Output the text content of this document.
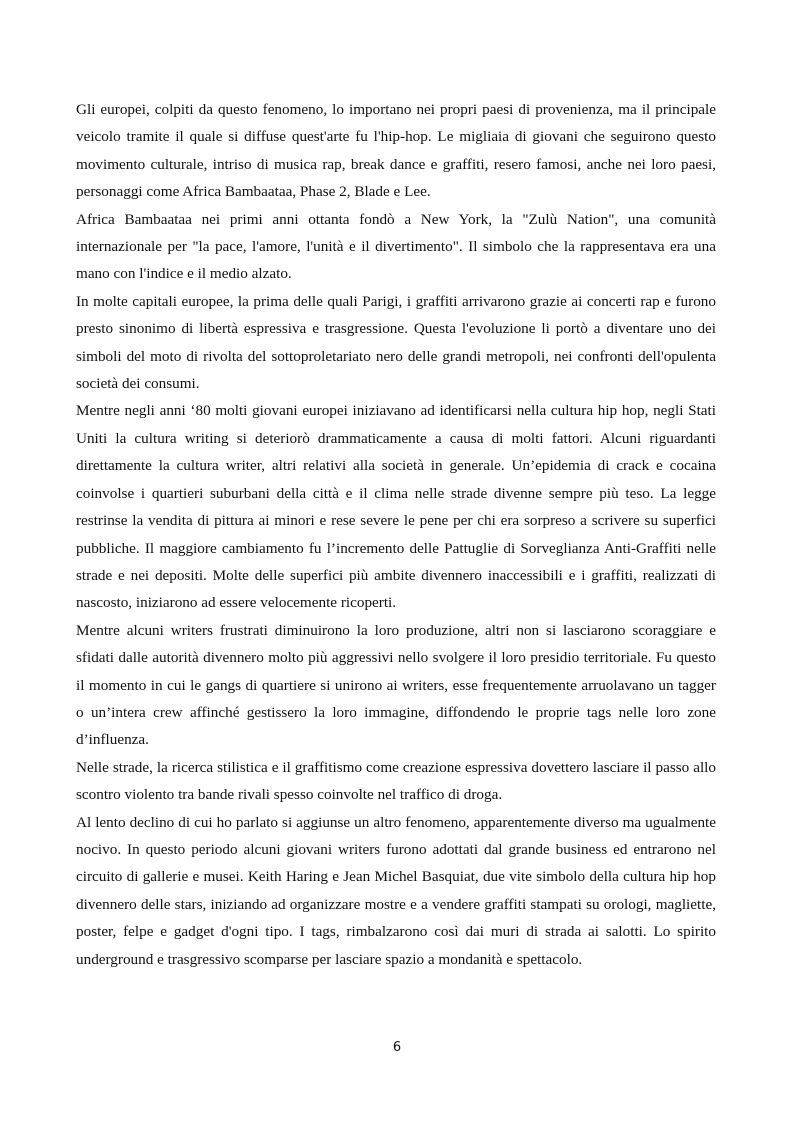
Gli europei, colpiti da questo fenomeno, lo importano nei propri paesi di provenienza, ma il principale veicolo tramite il quale si diffuse quest'arte fu l'hip-hop. Le migliaia di giovani che seguirono questo movimento culturale, intriso di musica rap, break dance e graffiti, resero famosi, anche nei loro paesi, personaggi come Africa Bambaataa, Phase 2, Blade e Lee.

Africa Bambaataa nei primi anni ottanta fondò a New York, la "Zulù Nation", una comunità internazionale per "la pace, l'amore, l'unità e il divertimento". Il simbolo che la rappresentava era una mano con l'indice e il medio alzato.

In molte capitali europee, la prima delle quali Parigi, i graffiti arrivarono grazie ai concerti rap e furono presto sinonimo di libertà espressiva e trasgressione. Questa l'evoluzione li portò a diventare uno dei simboli del moto di rivolta del sottoproletariato nero delle grandi metropoli, nei confronti dell'opulenta società dei consumi.

Mentre negli anni ‘80 molti giovani europei iniziavano ad identificarsi nella cultura hip hop, negli Stati Uniti la cultura writing si deteriorò drammaticamente a causa di molti fattori. Alcuni riguardanti direttamente la cultura writer, altri relativi alla società in generale. Un’epidemia di crack e cocaina coinvolse i quartieri suburbani della città e il clima nelle strade divenne sempre più teso. La legge restrinse la vendita di pittura ai minori e rese severe le pene per chi era sorpreso a scrivere su superfici pubbliche. Il maggiore cambiamento fu l’incremento delle Pattuglie di Sorveglianza Anti-Graffiti nelle strade e nei depositi. Molte delle superfici più ambite divennero inaccessibili e i graffiti, realizzati di nascosto, iniziarono ad essere velocemente ricoperti.

Mentre alcuni writers frustrati diminuirono la loro produzione, altri non si lasciarono scoraggiare e sfidati dalle autorità divennero molto più aggressivi nello svolgere il loro presidio territoriale. Fu questo il momento in cui le gangs di quartiere si unirono ai writers, esse frequentemente arruolavano un tagger o un’intera crew affinché gestissero la loro immagine, diffondendo le proprie tags nelle loro zone d’influenza.

Nelle strade, la ricerca stilistica e il graffitismo come creazione espressiva dovettero lasciare il passo allo scontro violento tra bande rivali spesso coinvolte nel traffico di droga.

Al lento declino di cui ho parlato si aggiunse un altro fenomeno, apparentemente diverso ma ugualmente nocivo. In questo periodo alcuni giovani writers furono adottati dal grande business ed entrarono nel circuito di gallerie e musei. Keith Haring e Jean Michel Basquiat, due vite simbolo della cultura hip hop divennero delle stars, iniziando ad organizzare mostre e a vendere graffiti stampati su orologi, magliette, poster, felpe e gadget d'ogni tipo. I tags, rimbalzarono così dai muri di strada ai salotti. Lo spirito underground e trasgressivo scomparse per lasciare spazio a mondanità e spettacolo.

6
